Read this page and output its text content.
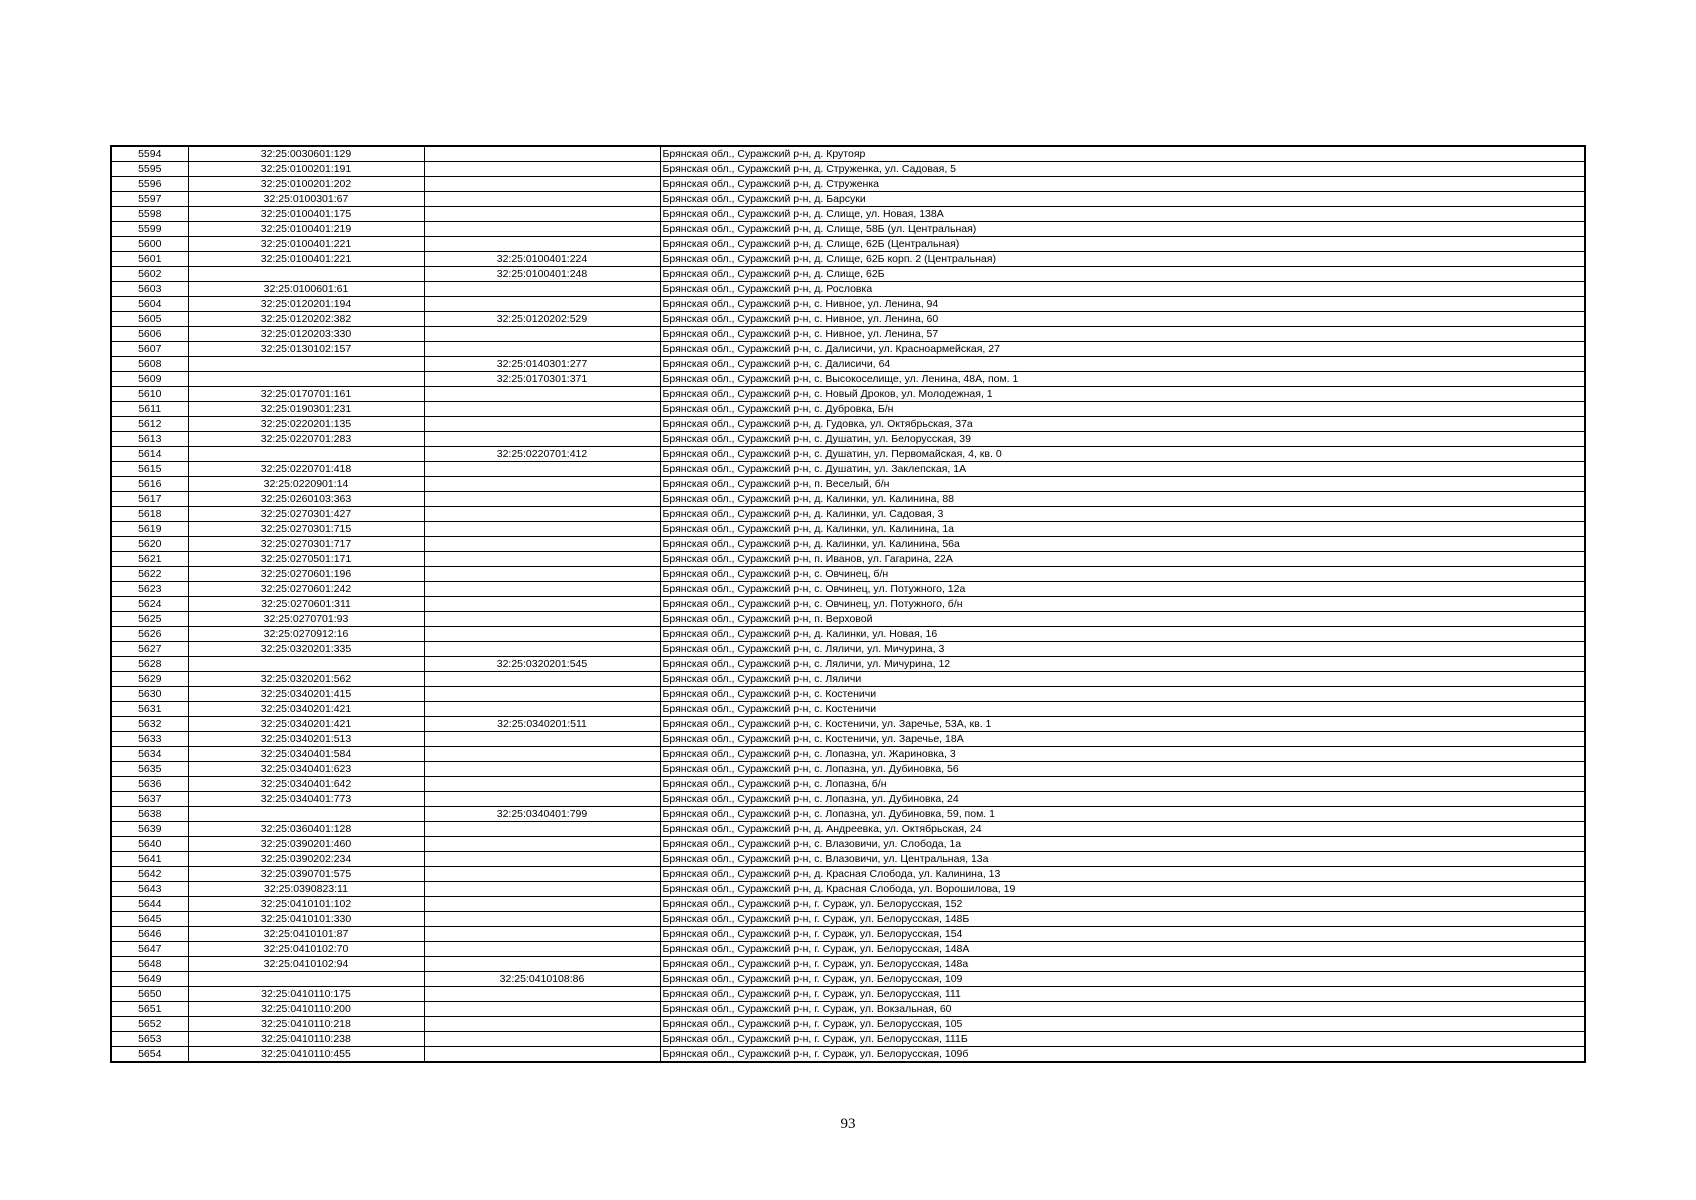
5594	32:25:0030601:129		Брянская обл., Суражский р-н, д. Крутояр
5595	32:25:0100201:191		Брянская обл., Суражский р-н, д. Струженка, ул. Садовая, 5
5596	32:25:0100201:202		Брянская обл., Суражский р-н, д. Струженка
5597	32:25:0100301:67		Брянская обл., Суражский р-н, д. Барсуки
5598	32:25:0100401:175		Брянская обл., Суражский р-н, д. Слище, ул. Новая, 138А
5599	32:25:0100401:219		Брянская обл., Суражский р-н, д. Слище, 58Б (ул. Центральная)
5600	32:25:0100401:221		Брянская обл., Суражский р-н, д. Слище, 62Б (Центральная)
5601	32:25:0100401:221	32:25:0100401:224	Брянская обл., Суражский р-н, д. Слище, 62Б корп. 2 (Центральная)
5602		32:25:0100401:248	Брянская обл., Суражский р-н, д. Слище, 62Б
5603	32:25:0100601:61		Брянская обл., Суражский р-н, д. Рословка
5604	32:25:0120201:194		Брянская обл., Суражский р-н, с. Нивное, ул. Ленина, 94
5605	32:25:0120202:382	32:25:0120202:529	Брянская обл., Суражский р-н, с. Нивное, ул. Ленина, 60
5606	32:25:0120203:330		Брянская обл., Суражский р-н, с. Нивное, ул. Ленина, 57
5607	32:25:0130102:157		Брянская обл., Суражский р-н, с. Далисичи, ул. Красноармейская, 27
5608		32:25:0140301:277	Брянская обл., Суражский р-н, с. Далисичи, 64
5609		32:25:0170301:371	Брянская обл., Суражский р-н, с. Высокоселище, ул. Ленина, 48А, пом. 1
5610	32:25:0170701:161		Брянская обл., Суражский р-н, с. Новый Дроков, ул. Молодежная, 1
5611	32:25:0190301:231		Брянская обл., Суражский р-н, с. Дубровка, Б/н
5612	32:25:0220201:135		Брянская обл., Суражский р-н, д. Гудовка, ул. Октябрьская, 37а
5613	32:25:0220701:283		Брянская обл., Суражский р-н, с. Душатин, ул. Белорусская, 39
5614		32:25:0220701:412	Брянская обл., Суражский р-н, с. Душатин, ул. Первомайская, 4, кв. 0
5615	32:25:0220701:418		Брянская обл., Суражский р-н, с. Душатин, ул. Заклепская, 1А
5616	32:25:0220901:14		Брянская обл., Суражский р-н, п. Веселый, б/н
5617	32:25:0260103:363		Брянская обл., Суражский р-н, д. Калинки, ул. Калинина, 88
5618	32:25:0270301:427		Брянская обл., Суражский р-н, д. Калинки, ул. Садовая, 3
5619	32:25:0270301:715		Брянская обл., Суражский р-н, д. Калинки, ул. Калинина, 1а
5620	32:25:0270301:717		Брянская обл., Суражский р-н, д. Калинки, ул. Калинина, 56а
5621	32:25:0270501:171		Брянская обл., Суражский р-н, п. Иванов, ул. Гагарина, 22А
5622	32:25:0270601:196		Брянская обл., Суражский р-н, с. Овчинец, б/н
5623	32:25:0270601:242		Брянская обл., Суражский р-н, с. Овчинец, ул. Потужного, 12а
5624	32:25:0270601:311		Брянская обл., Суражский р-н, с. Овчинец, ул. Потужного, б/н
5625	32:25:0270701:93		Брянская обл., Суражский р-н, п. Верховой
5626	32:25:0270912:16		Брянская обл., Суражский р-н, д. Калинки, ул. Новая, 16
5627	32:25:0320201:335		Брянская обл., Суражский р-н, с. Ляличи, ул. Мичурина, 3
5628		32:25:0320201:545	Брянская обл., Суражский р-н, с. Ляличи, ул. Мичурина, 12
5629	32:25:0320201:562		Брянская обл., Суражский р-н, с. Ляличи
5630	32:25:0340201:415		Брянская обл., Суражский р-н, с. Костеничи
5631	32:25:0340201:421		Брянская обл., Суражский р-н, с. Костеничи
5632	32:25:0340201:421	32:25:0340201:511	Брянская обл., Суражский р-н, с. Костеничи, ул. Заречье, 53А, кв. 1
5633	32:25:0340201:513		Брянская обл., Суражский р-н, с. Костеничи, ул. Заречье, 18А
5634	32:25:0340401:584		Брянская обл., Суражский р-н, с. Лопазна, ул. Жариновка, 3
5635	32:25:0340401:623		Брянская обл., Суражский р-н, с. Лопазна, ул. Дубиновка, 56
5636	32:25:0340401:642		Брянская обл., Суражский р-н, с. Лопазна, б/н
5637	32:25:0340401:773		Брянская обл., Суражский р-н, с. Лопазна, ул. Дубиновка, 24
5638		32:25:0340401:799	Брянская обл., Суражский р-н, с. Лопазна, ул. Дубиновка, 59, пом. 1
5639	32:25:0360401:128		Брянская обл., Суражский р-н, д. Андреевка, ул. Октябрьская, 24
5640	32:25:0390201:460		Брянская обл., Суражский р-н, с. Влазовичи, ул. Слобода, 1а
5641	32:25:0390202:234		Брянская обл., Суражский р-н, с. Влазовичи, ул. Центральная, 13а
5642	32:25:0390701:575		Брянская обл., Суражский р-н, д. Красная Слобода, ул. Калинина, 13
5643	32:25:0390823:11		Брянская обл., Суражский р-н, д. Красная Слобода, ул. Ворошилова, 19
5644	32:25:0410101:102		Брянская обл., Суражский р-н, г. Сураж, ул. Белорусская, 152
5645	32:25:0410101:330		Брянская обл., Суражский р-н, г. Сураж, ул. Белорусская, 148Б
5646	32:25:0410101:87		Брянская обл., Суражский р-н, г. Сураж, ул. Белорусская, 154
5647	32:25:0410102:70		Брянская обл., Суражский р-н, г. Сураж, ул. Белорусская, 148А
5648	32:25:0410102:94		Брянская обл., Суражский р-н, г. Сураж, ул. Белорусская, 148а
5649		32:25:0410108:86	Брянская обл., Суражский р-н, г. Сураж, ул. Белорусская, 109
5650	32:25:0410110:175		Брянская обл., Суражский р-н, г. Сураж, ул. Белорусская, 111
5651	32:25:0410110:200		Брянская обл., Суражский р-н, г. Сураж, ул. Вокзальная, 60
5652	32:25:0410110:218		Брянская обл., Суражский р-н, г. Сураж, ул. Белорусская, 105
5653	32:25:0410110:238		Брянская обл., Суражский р-н, г. Сураж, ул. Белорусская, 111Б
5654	32:25:0410110:455		Брянская обл., Суражский р-н, г. Сураж, ул. Белорусская, 109б
93
